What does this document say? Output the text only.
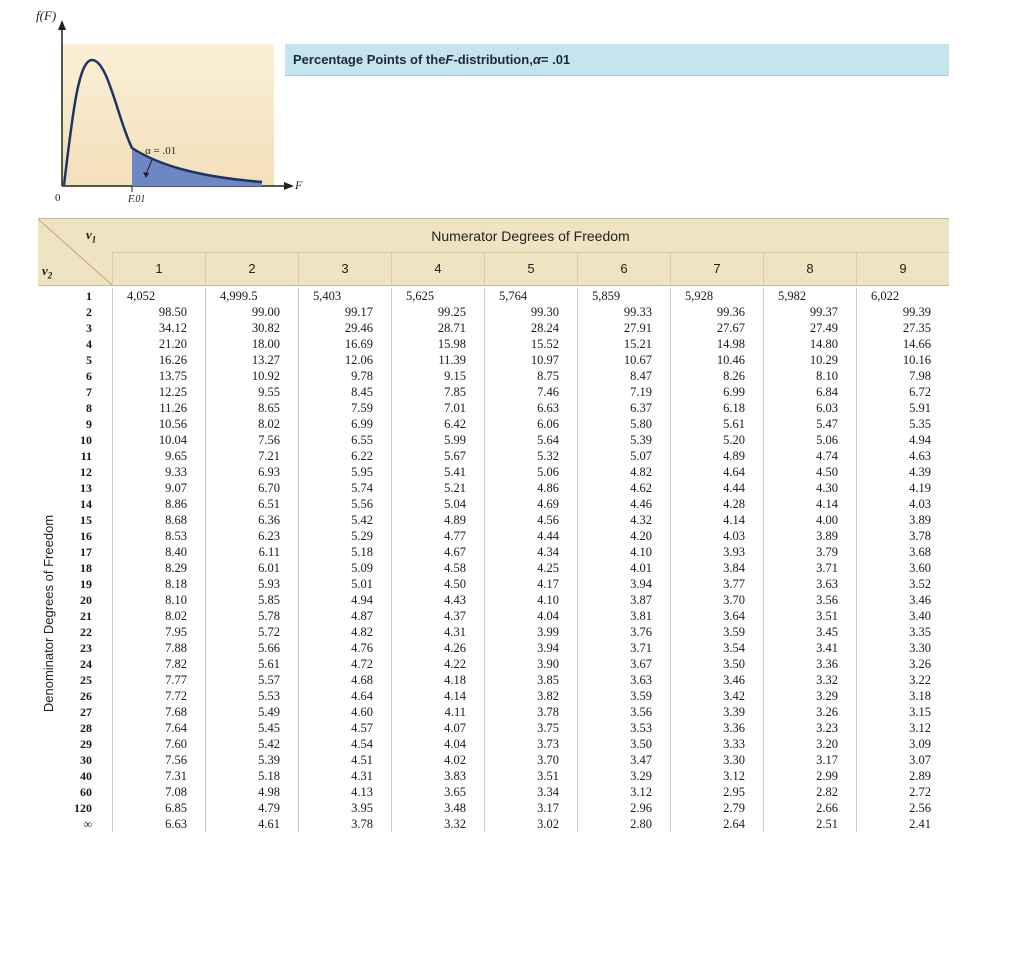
f(F)
0
F
α = .01
F.01
Percentage Points of the F -distribution, α = .01
$\nu_1$
$\nu_2$
Numerator Degrees of Freedom
1	2	3	4	5	6	7	8	9
Denominator Degrees of Freedom
1	4,052	4,999.5	5,403	5,625	5,764	5,859	5,928	5,982	6,022
2	98.50	99.00	99.17	99.25	99.30	99.33	99.36	99.37	99.39
3	34.12	30.82	29.46	28.71	28.24	27.91	27.67	27.49	27.35
4	21.20	18.00	16.69	15.98	15.52	15.21	14.98	14.80	14.66
5	16.26	13.27	12.06	11.39	10.97	10.67	10.46	10.29	10.16
6	13.75	10.92	9.78	9.15	8.75	8.47	8.26	8.10	7.98
7	12.25	9.55	8.45	7.85	7.46	7.19	6.99	6.84	6.72
8	11.26	8.65	7.59	7.01	6.63	6.37	6.18	6.03	5.91
9	10.56	8.02	6.99	6.42	6.06	5.80	5.61	5.47	5.35
10	10.04	7.56	6.55	5.99	5.64	5.39	5.20	5.06	4.94
11	9.65	7.21	6.22	5.67	5.32	5.07	4.89	4.74	4.63
12	9.33	6.93	5.95	5.41	5.06	4.82	4.64	4.50	4.39
13	9.07	6.70	5.74	5.21	4.86	4.62	4.44	4.30	4.19
14	8.86	6.51	5.56	5.04	4.69	4.46	4.28	4.14	4.03
15	8.68	6.36	5.42	4.89	4.56	4.32	4.14	4.00	3.89
16	8.53	6.23	5.29	4.77	4.44	4.20	4.03	3.89	3.78
17	8.40	6.11	5.18	4.67	4.34	4.10	3.93	3.79	3.68
18	8.29	6.01	5.09	4.58	4.25	4.01	3.84	3.71	3.60
19	8.18	5.93	5.01	4.50	4.17	3.94	3.77	3.63	3.52
20	8.10	5.85	4.94	4.43	4.10	3.87	3.70	3.56	3.46
21	8.02	5.78	4.87	4.37	4.04	3.81	3.64	3.51	3.40
22	7.95	5.72	4.82	4.31	3.99	3.76	3.59	3.45	3.35
23	7.88	5.66	4.76	4.26	3.94	3.71	3.54	3.41	3.30
24	7.82	5.61	4.72	4.22	3.90	3.67	3.50	3.36	3.26
25	7.77	5.57	4.68	4.18	3.85	3.63	3.46	3.32	3.22
26	7.72	5.53	4.64	4.14	3.82	3.59	3.42	3.29	3.18
27	7.68	5.49	4.60	4.11	3.78	3.56	3.39	3.26	3.15
28	7.64	5.45	4.57	4.07	3.75	3.53	3.36	3.23	3.12
29	7.60	5.42	4.54	4.04	3.73	3.50	3.33	3.20	3.09
30	7.56	5.39	4.51	4.02	3.70	3.47	3.30	3.17	3.07
40	7.31	5.18	4.31	3.83	3.51	3.29	3.12	2.99	2.89
60	7.08	4.98	4.13	3.65	3.34	3.12	2.95	2.82	2.72
120	6.85	4.79	3.95	3.48	3.17	2.96	2.79	2.66	2.56
∞	6.63	4.61	3.78	3.32	3.02	2.80	2.64	2.51	2.41
